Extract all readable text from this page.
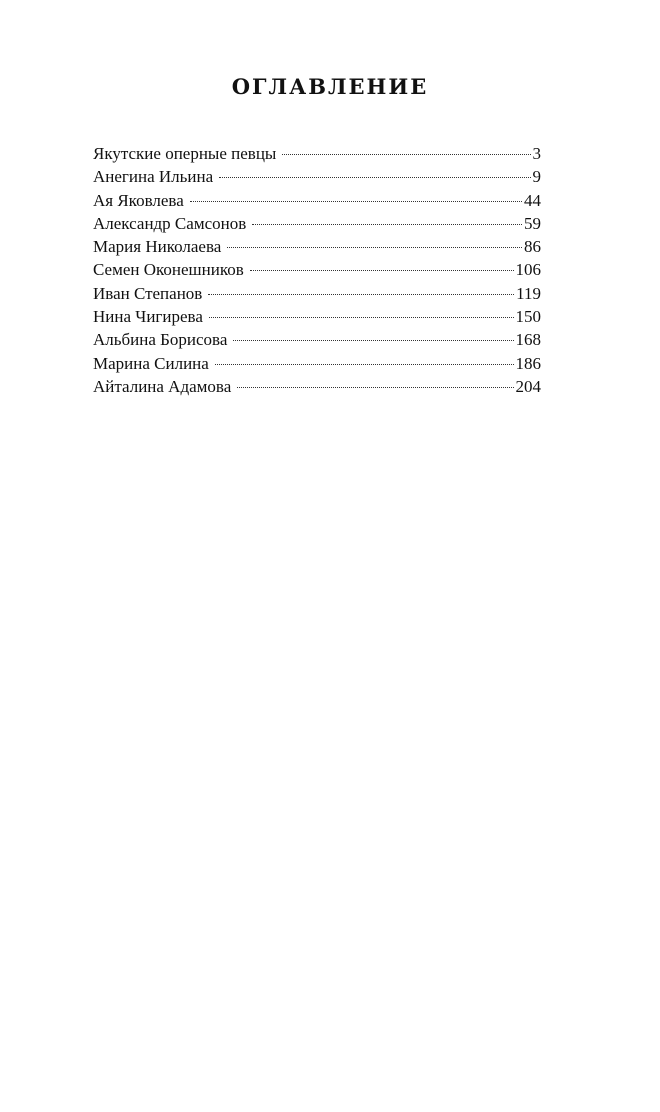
ОГЛАВЛЕНИЕ
Якутские оперные певцы	3
Анегина Ильина	9
Ая Яковлева	44
Александр Самсонов	59
Мария Николаева	86
Семен Оконешников	106
Иван Степанов	119
Нина Чигирева	150
Альбина Борисова	168
Марина Силина	186
Айталина Адамова	204
